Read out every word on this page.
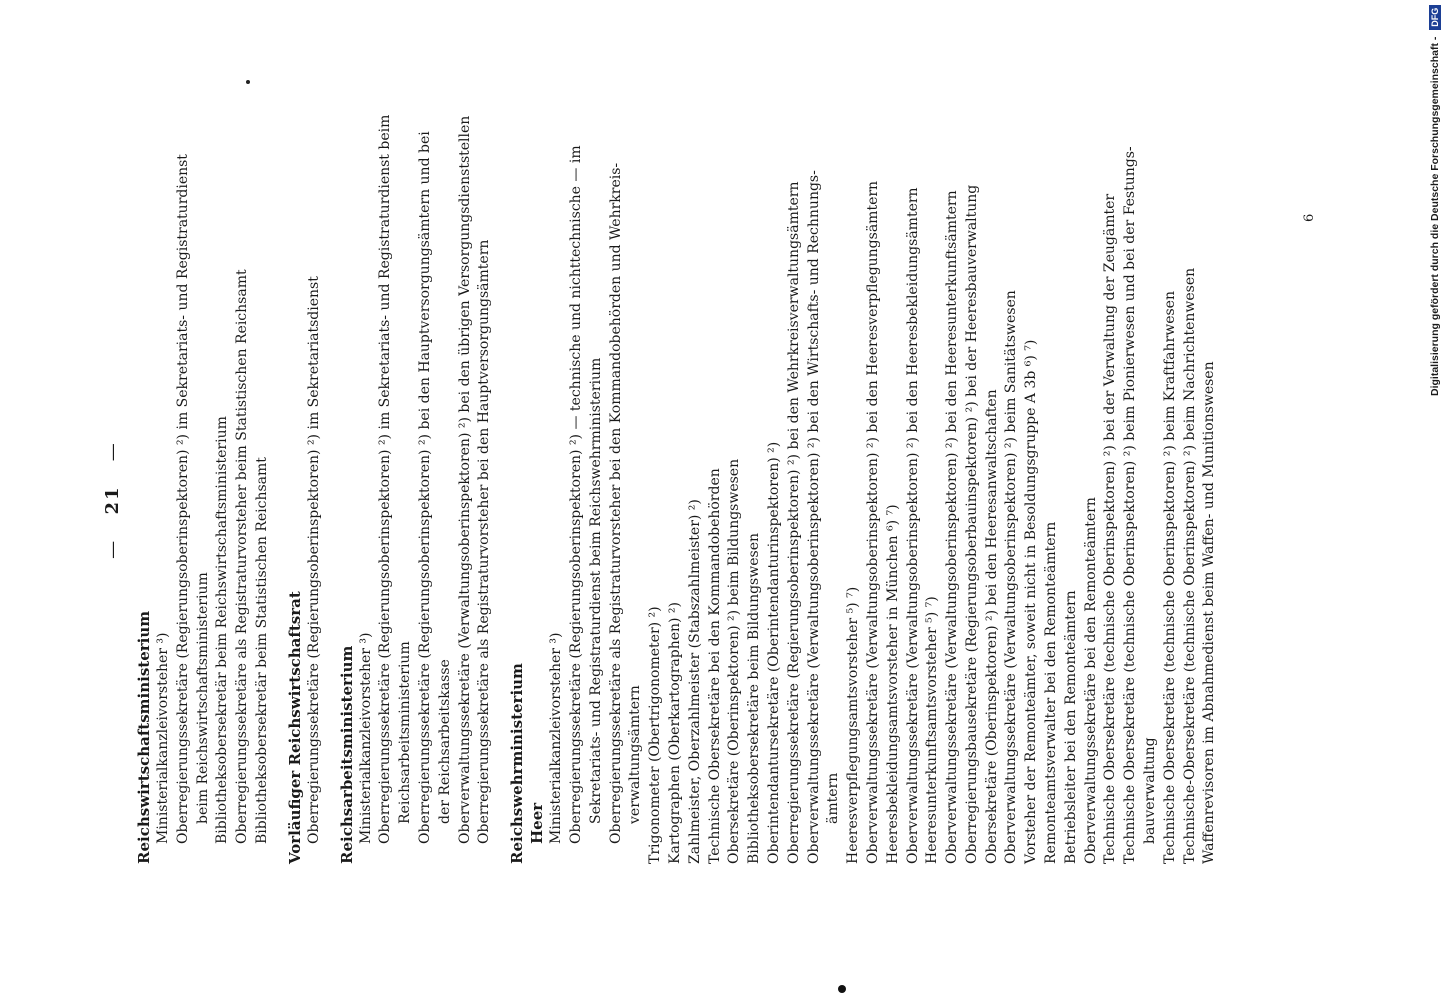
— 21 —
Reichswirtschaftsministerium Ministerialkanzleivorsteher ³) Oberregierungssekretäre (Regierungsoberinspektoren) ²) im Sekretariats- und Registraturdienst beim Reichswirtschaftsministerium Bibliotheksobersekretär beim Reichswirtschaftsministerium Oberregierungssekretäre als Registraturvorsteher beim Statistischen Reichsamt Bibliotheksobersekretär beim Statistischen Reichsamt Vorläufiger Reichswirtschaftsrat Oberregierungssekretäre (Regierungsoberinspektoren) ²) im Sekretariatsdienst Reichsarbeitsministerium Ministerialkanzleivorsteher ³) Oberregierungssekretäre (Regierungsoberinspektoren) ²) im Sekretariats- und Registraturdienst beim Reichsarbeitsministerium Oberregierungssekretäre (Regierungsoberinspektoren) ²) bei den Hauptversorgungsämtern und bei der Reichsarbeitskasse Oberverwaltungssekretäre (Verwaltungsoberinspektoren) ²) bei den übrigen Versorgungsdienststellen Oberregierungssekretäre als Registraturvorsteher bei den Hauptversorgungsämtern Reichswehrministerium Heer Ministerialkanzleivorsteher ³) Oberregierungssekretäre (Regierungsoberinspektoren) ²) — technische und nichttechnische — im Sekretariats- und Registraturdienst beim Reichswehrministerium Oberregierungssekretäre als Registraturvorsteher bei den Kommandobehörden und Wehrkreis- verwaltungsämtern Trigonometer (Obertrigonometer) ²) Kartographen (Oberkartographen) ²) Zahlmeister, Oberzahlmeister (Stabszahlmeister) ²) Technische Obersekretäre bei den Kommandobehörden Obersekretäre (Oberinspektoren) ²) beim Bildungswesen Bibliotheksobersekretäre beim Bildungswesen Oberintendantursekretäre (Oberintendanturinspektoren) ²) Oberregierungssekretäre (Regierungsoberinspektoren) ²) bei den Wehrkreisverwaltungsämtern Oberverwaltungssekretäre (Verwaltungsoberinspektoren) ²) bei den Wirtschafts- und Rechnungs- ämtern Heeresverpflegungsamtsvorsteher ⁵) ⁷) Oberverwaltungssekretäre (Verwaltungsoberinspektoren) ²) bei den Heeresverpflegungsämtern Heeresbekleidungsamtsvorsteher in München ⁶) ⁷) Oberverwaltungssekretäre (Verwaltungsoberinspektoren) ²) bei den Heeresbekleidungsämtern Heeresunterkunftsamtsvorsteher ⁵) ⁷) Oberverwaltungssekretäre (Verwaltungsoberinspektoren) ²) bei den Heeresunterkunftsämtern Oberregierungsbausekretäre (Regierungsoberbauinspektoren) ²) bei der Heeresbauverwaltung Obersekretäre (Oberinspektoren) ²) bei den Heeresanwaltschaften Oberverwaltungssekretäre (Verwaltungsoberinspektoren) ²) beim Sanitätswesen Vorsteher der Remonteämter, soweit nicht in Besoldungsgruppe A 3b ⁶) ⁷) Remonteamtsverwalter bei den Remonteämtern Betriebsleiter bei den Remonteämtern Oberverwaltungssekretäre bei den Remonteämtern Technische Obersekretäre (technische Oberinspektoren) ²) bei der Verwaltung der Zeugämter Technische Obersekretäre (technische Oberinspektoren) ²) beim Pionierwesen und bei der Festungs- bauverwaltung Technische Obersekretäre (technische Oberinspektoren) ²) beim Kraftfahrwesen Technische-Obersekretäre (technische Oberinspektoren) ²) beim Nachrichtenwesen Waffenrevisoren im Abnahmedienst beim Waffen- und Munitionswesen
6	Digitalisierung gefördert durch die Deutsche Forschungsgemeinschaft - DFG
